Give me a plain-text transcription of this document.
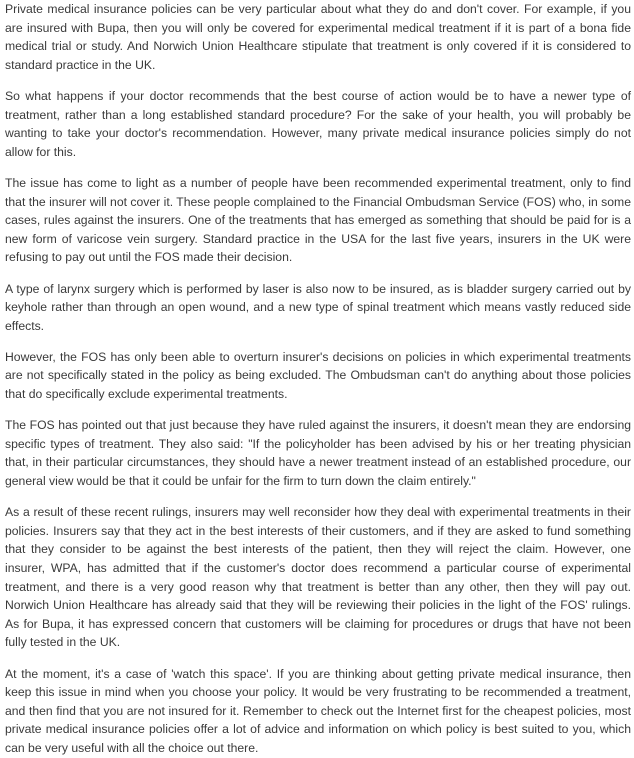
Private medical insurance policies can be very particular about what they do and don't cover. For example, if you are insured with Bupa, then you will only be covered for experimental medical treatment if it is part of a bona fide medical trial or study. And Norwich Union Healthcare stipulate that treatment is only covered if it is considered to standard practice in the UK.

So what happens if your doctor recommends that the best course of action would be to have a newer type of treatment, rather than a long established standard procedure? For the sake of your health, you will probably be wanting to take your doctor's recommendation. However, many private medical insurance policies simply do not allow for this.

The issue has come to light as a number of people have been recommended experimental treatment, only to find that the insurer will not cover it. These people complained to the Financial Ombudsman Service (FOS) who, in some cases, rules against the insurers. One of the treatments that has emerged as something that should be paid for is a new form of varicose vein surgery. Standard practice in the USA for the last five years, insurers in the UK were refusing to pay out until the FOS made their decision.

A type of larynx surgery which is performed by laser is also now to be insured, as is bladder surgery carried out by keyhole rather than through an open wound, and a new type of spinal treatment which means vastly reduced side effects.

However, the FOS has only been able to overturn insurer's decisions on policies in which experimental treatments are not specifically stated in the policy as being excluded. The Ombudsman can't do anything about those policies that do specifically exclude experimental treatments.

The FOS has pointed out that just because they have ruled against the insurers, it doesn't mean they are endorsing specific types of treatment. They also said: "If the policyholder has been advised by his or her treating physician that, in their particular circumstances, they should have a newer treatment instead of an established procedure, our general view would be that it could be unfair for the firm to turn down the claim entirely."

As a result of these recent rulings, insurers may well reconsider how they deal with experimental treatments in their policies. Insurers say that they act in the best interests of their customers, and if they are asked to fund something that they consider to be against the best interests of the patient, then they will reject the claim. However, one insurer, WPA, has admitted that if the customer's doctor does recommend a particular course of experimental treatment, and there is a very good reason why that treatment is better than any other, then they will pay out. Norwich Union Healthcare has already said that they will be reviewing their policies in the light of the FOS' rulings. As for Bupa, it has expressed concern that customers will be claiming for procedures or drugs that have not been fully tested in the UK.

At the moment, it's a case of 'watch this space'. If you are thinking about getting private medical insurance, then keep this issue in mind when you choose your policy. It would be very frustrating to be recommended a treatment, and then find that you are not insured for it. Remember to check out the Internet first for the cheapest policies, most private medical insurance policies offer a lot of advice and information on which policy is best suited to you, which can be very useful with all the choice out there.
